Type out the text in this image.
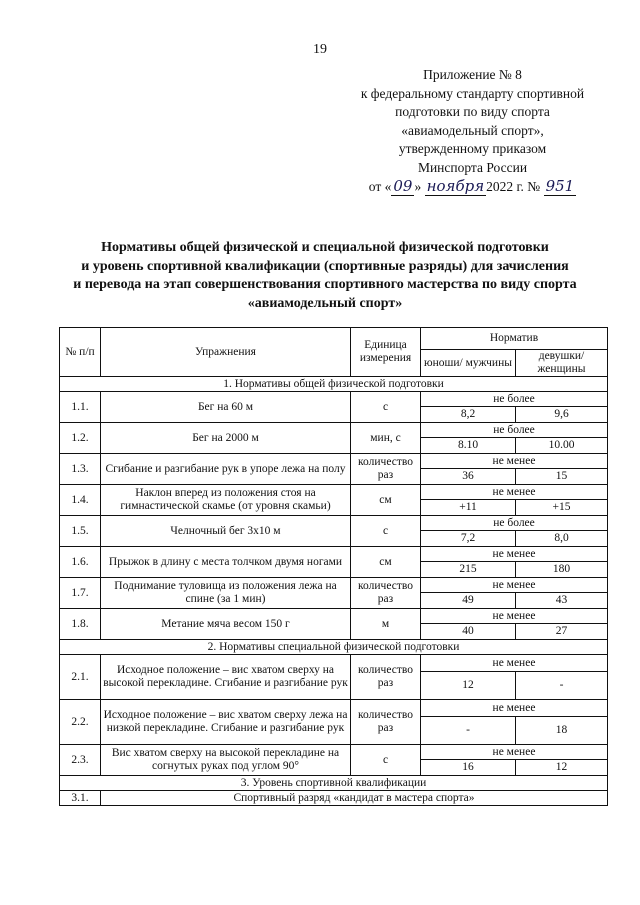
19
Приложение № 8
к федеральному стандарту спортивной
подготовки по виду спорта
«авиамодельный спорт»,
утвержденному приказом
Минспорта России
от « 09 » ноября 2022 г. № 951
Нормативы общей физической и специальной физической подготовки
и уровень спортивной квалификации (спортивные разряды) для зачисления
и перевода на этап совершенствования спортивного мастерства по виду спорта
«авиамодельный спорт»
№ п/п	Упражнения	Единица измерения	Норматив	
			юноши/ мужчины	девушки/ женщины
1. Нормативы общей физической подготовки				
1.1.	Бег на 60 м	с	не более	
			8,2	9,6
1.2.	Бег на 2000 м	мин, с	не более	
			8.10	10.00
1.3.	Сгибание и разгибание рук в упоре лежа на полу	количество раз	не менее	
			36	15
1.4.	Наклон вперед из положения стоя на гимнастической скамье (от уровня скамьи)	см	не менее	
			+11	+15
1.5.	Челночный бег 3х10 м	с	не более	
			7,2	8,0
1.6.	Прыжок в длину с места толчком двумя ногами	см	не менее	
			215	180
1.7.	Поднимание туловища из положения лежа на спине (за 1 мин)	количество раз	не менее	
			49	43
1.8.	Метание мяча весом 150 г	м	не менее	
			40	27
2. Нормативы специальной физической подготовки				
2.1.	Исходное положение – вис хватом сверху на высокой перекладине. Сгибание и разгибание рук	количество раз	не менее	
			12	-
2.2.	Исходное положение – вис хватом сверху лежа на низкой перекладине. Сгибание и разгибание рук	количество раз	не менее	
			-	18
2.3.	Вис хватом сверху на высокой перекладине на согнутых руках под углом 90°	с	не менее	
			16	12
3. Уровень спортивной квалификации				
3.1.	Спортивный разряд «кандидат в мастера спорта»			
